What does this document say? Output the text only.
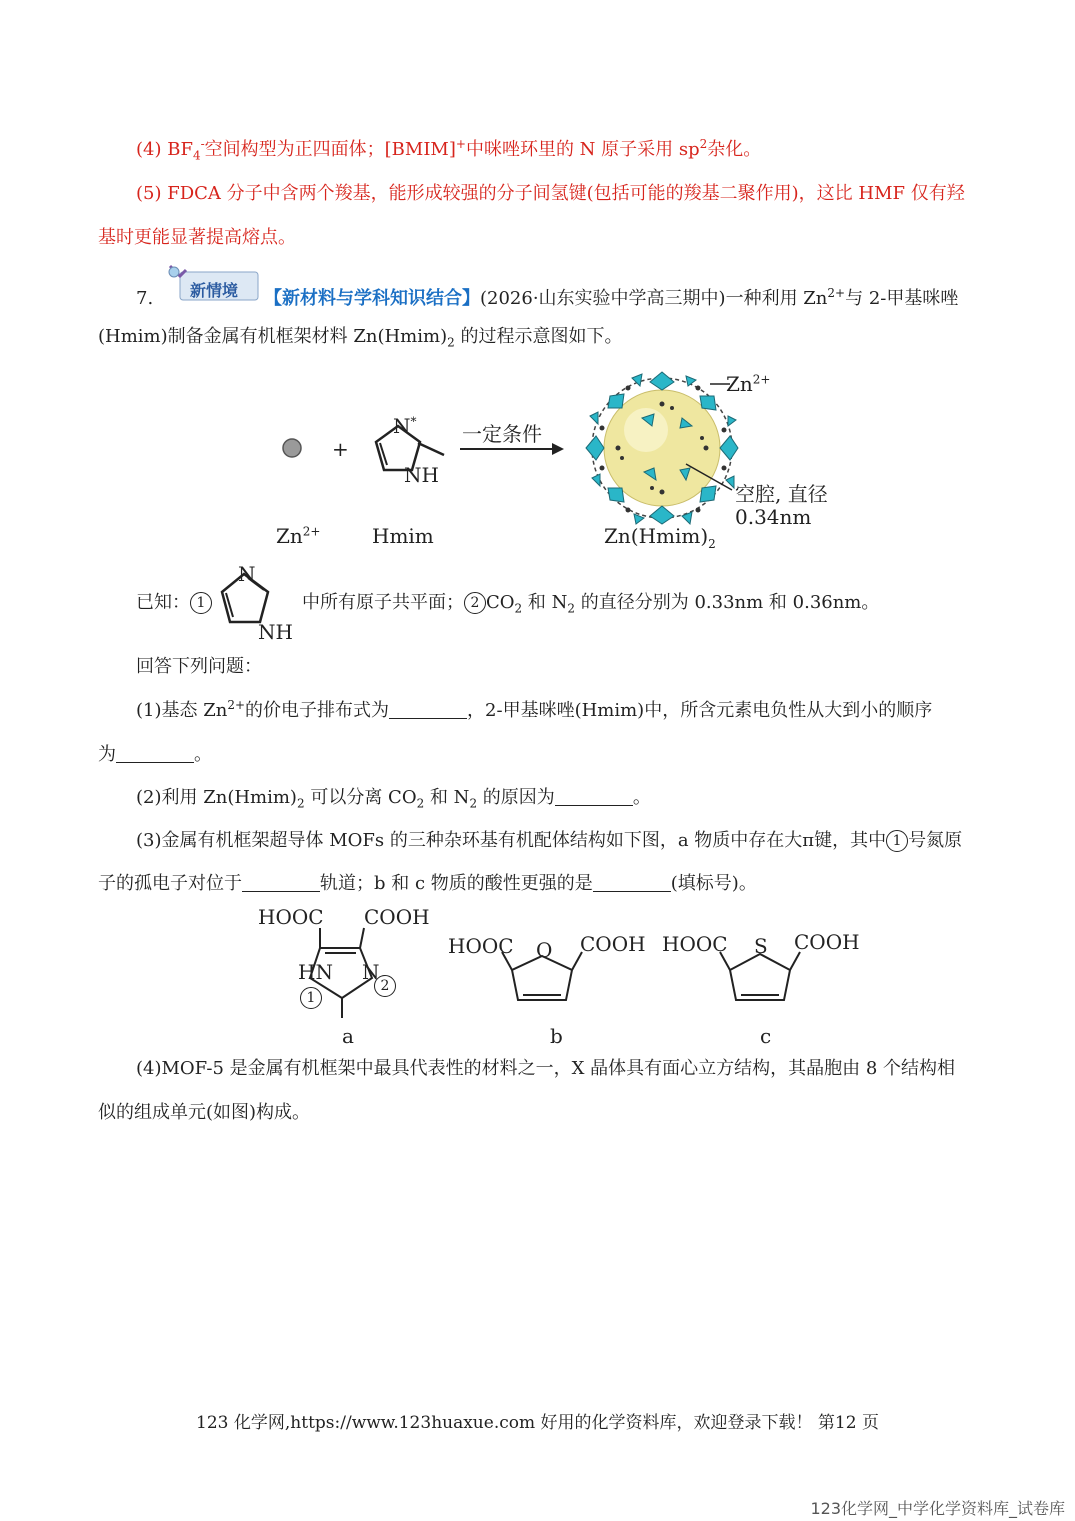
(4) $BF_4^-$空间构型为正四面体；[BMIM]+中咪唑环里的 N 原子采用 $sp^2$杂化。
(5) FDCA 分子中含两个羧基，能形成较强的分子间氢键(包括可能的羧基二聚作用)，这比 HMF 仅有羟
基时更能显著提高熔点。
7. 新情境 【新材料与学科知识结合】(2026·山东实验中学高三期中)一种利用 $Zn^{2+}$与 2-甲基咪唑
(Hmim)制备金属有机框架材料 $Zn(Hmim)_2$ 的过程示意图如下。
+
N*
NH
一定条件
$Zn^{2+}$
空腔, 直径
0.34nm
$Zn^{2+}$	Hmim	$Zn(Hmim)_2$
已知： 1
N
NH
中所有原子共平面； 2 $CO_2$ 和 $N_2$ 的直径分别为 0.33nm 和 0.36nm。
回答下列问题：
(1)基态 $Zn^{2+}$的价电子排布式为	，2-甲基咪唑(Hmim)中，所含元素电负性从大到小的顺序
为	。
(2)利用 $Zn(Hmim)_2$ 可以分离 $CO_2$ 和 $N_2$ 的原因为	。
(3)金属有机框架超导体 MOFs 的三种杂环基有机配体结构如下图，a 物质中存在大π键，其中 1 号氮原
子的孤电子对位于	轨道；b 和 c 物质的酸性更强的是	(填标号)。
HOOC COOH
HN N
1
2
a
HOOC O COOH
b
HOOC S COOH
c
(4)MOF-5 是金属有机框架中最具代表性的材料之一，X 晶体具有面心立方结构，其晶胞由 8 个结构相
似的组成单元(如图)构成。
123 化学网,https://www.123huaxue.com 好用的化学资料库，欢迎登录下载！ 第12 页
123化学网_中学化学资料库_试卷库
